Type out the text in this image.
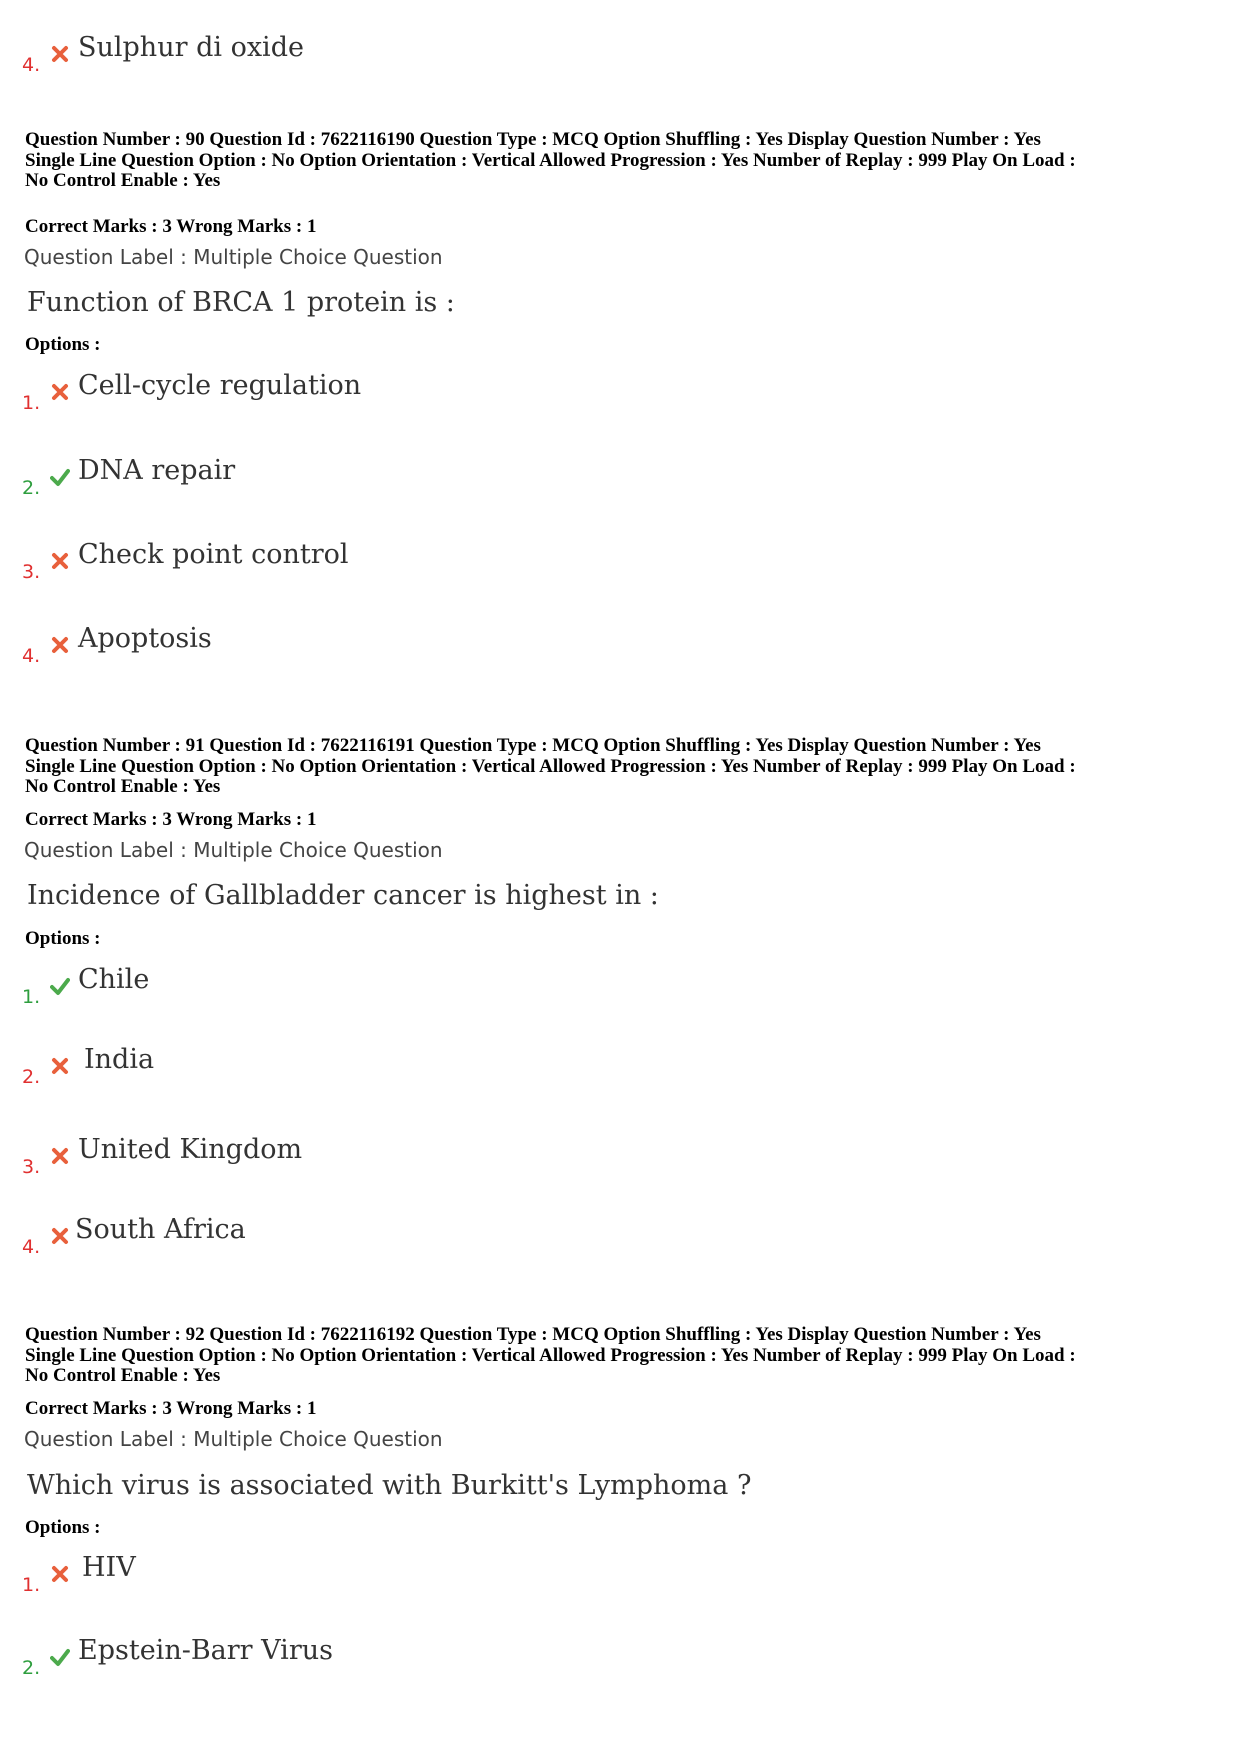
4.
Sulphur di oxide
Question Number : 90 Question Id : 7622116190 Question Type : MCQ Option Shuffling : Yes Display Question Number : Yes
Single Line Question Option : No Option Orientation : Vertical Allowed Progression : Yes Number of Replay : 999 Play On Load :
No Control Enable : Yes
Correct Marks : 3 Wrong Marks : 1
Question Label : Multiple Choice Question
Function of BRCA 1 protein is :
Options :
1.
Cell-cycle regulation
2.
DNA repair
3.
Check point control
4.
Apoptosis
Question Number : 91 Question Id : 7622116191 Question Type : MCQ Option Shuffling : Yes Display Question Number : Yes
Single Line Question Option : No Option Orientation : Vertical Allowed Progression : Yes Number of Replay : 999 Play On Load :
No Control Enable : Yes
Correct Marks : 3 Wrong Marks : 1
Question Label : Multiple Choice Question
Incidence of Gallbladder cancer is highest in :
Options :
1.
Chile
2.
India
3.
United Kingdom
4.
South Africa
Question Number : 92 Question Id : 7622116192 Question Type : MCQ Option Shuffling : Yes Display Question Number : Yes
Single Line Question Option : No Option Orientation : Vertical Allowed Progression : Yes Number of Replay : 999 Play On Load :
No Control Enable : Yes
Correct Marks : 3 Wrong Marks : 1
Question Label : Multiple Choice Question
Which virus is associated with Burkitt's Lymphoma ?
Options :
1.
HIV
2.
Epstein-Barr Virus
